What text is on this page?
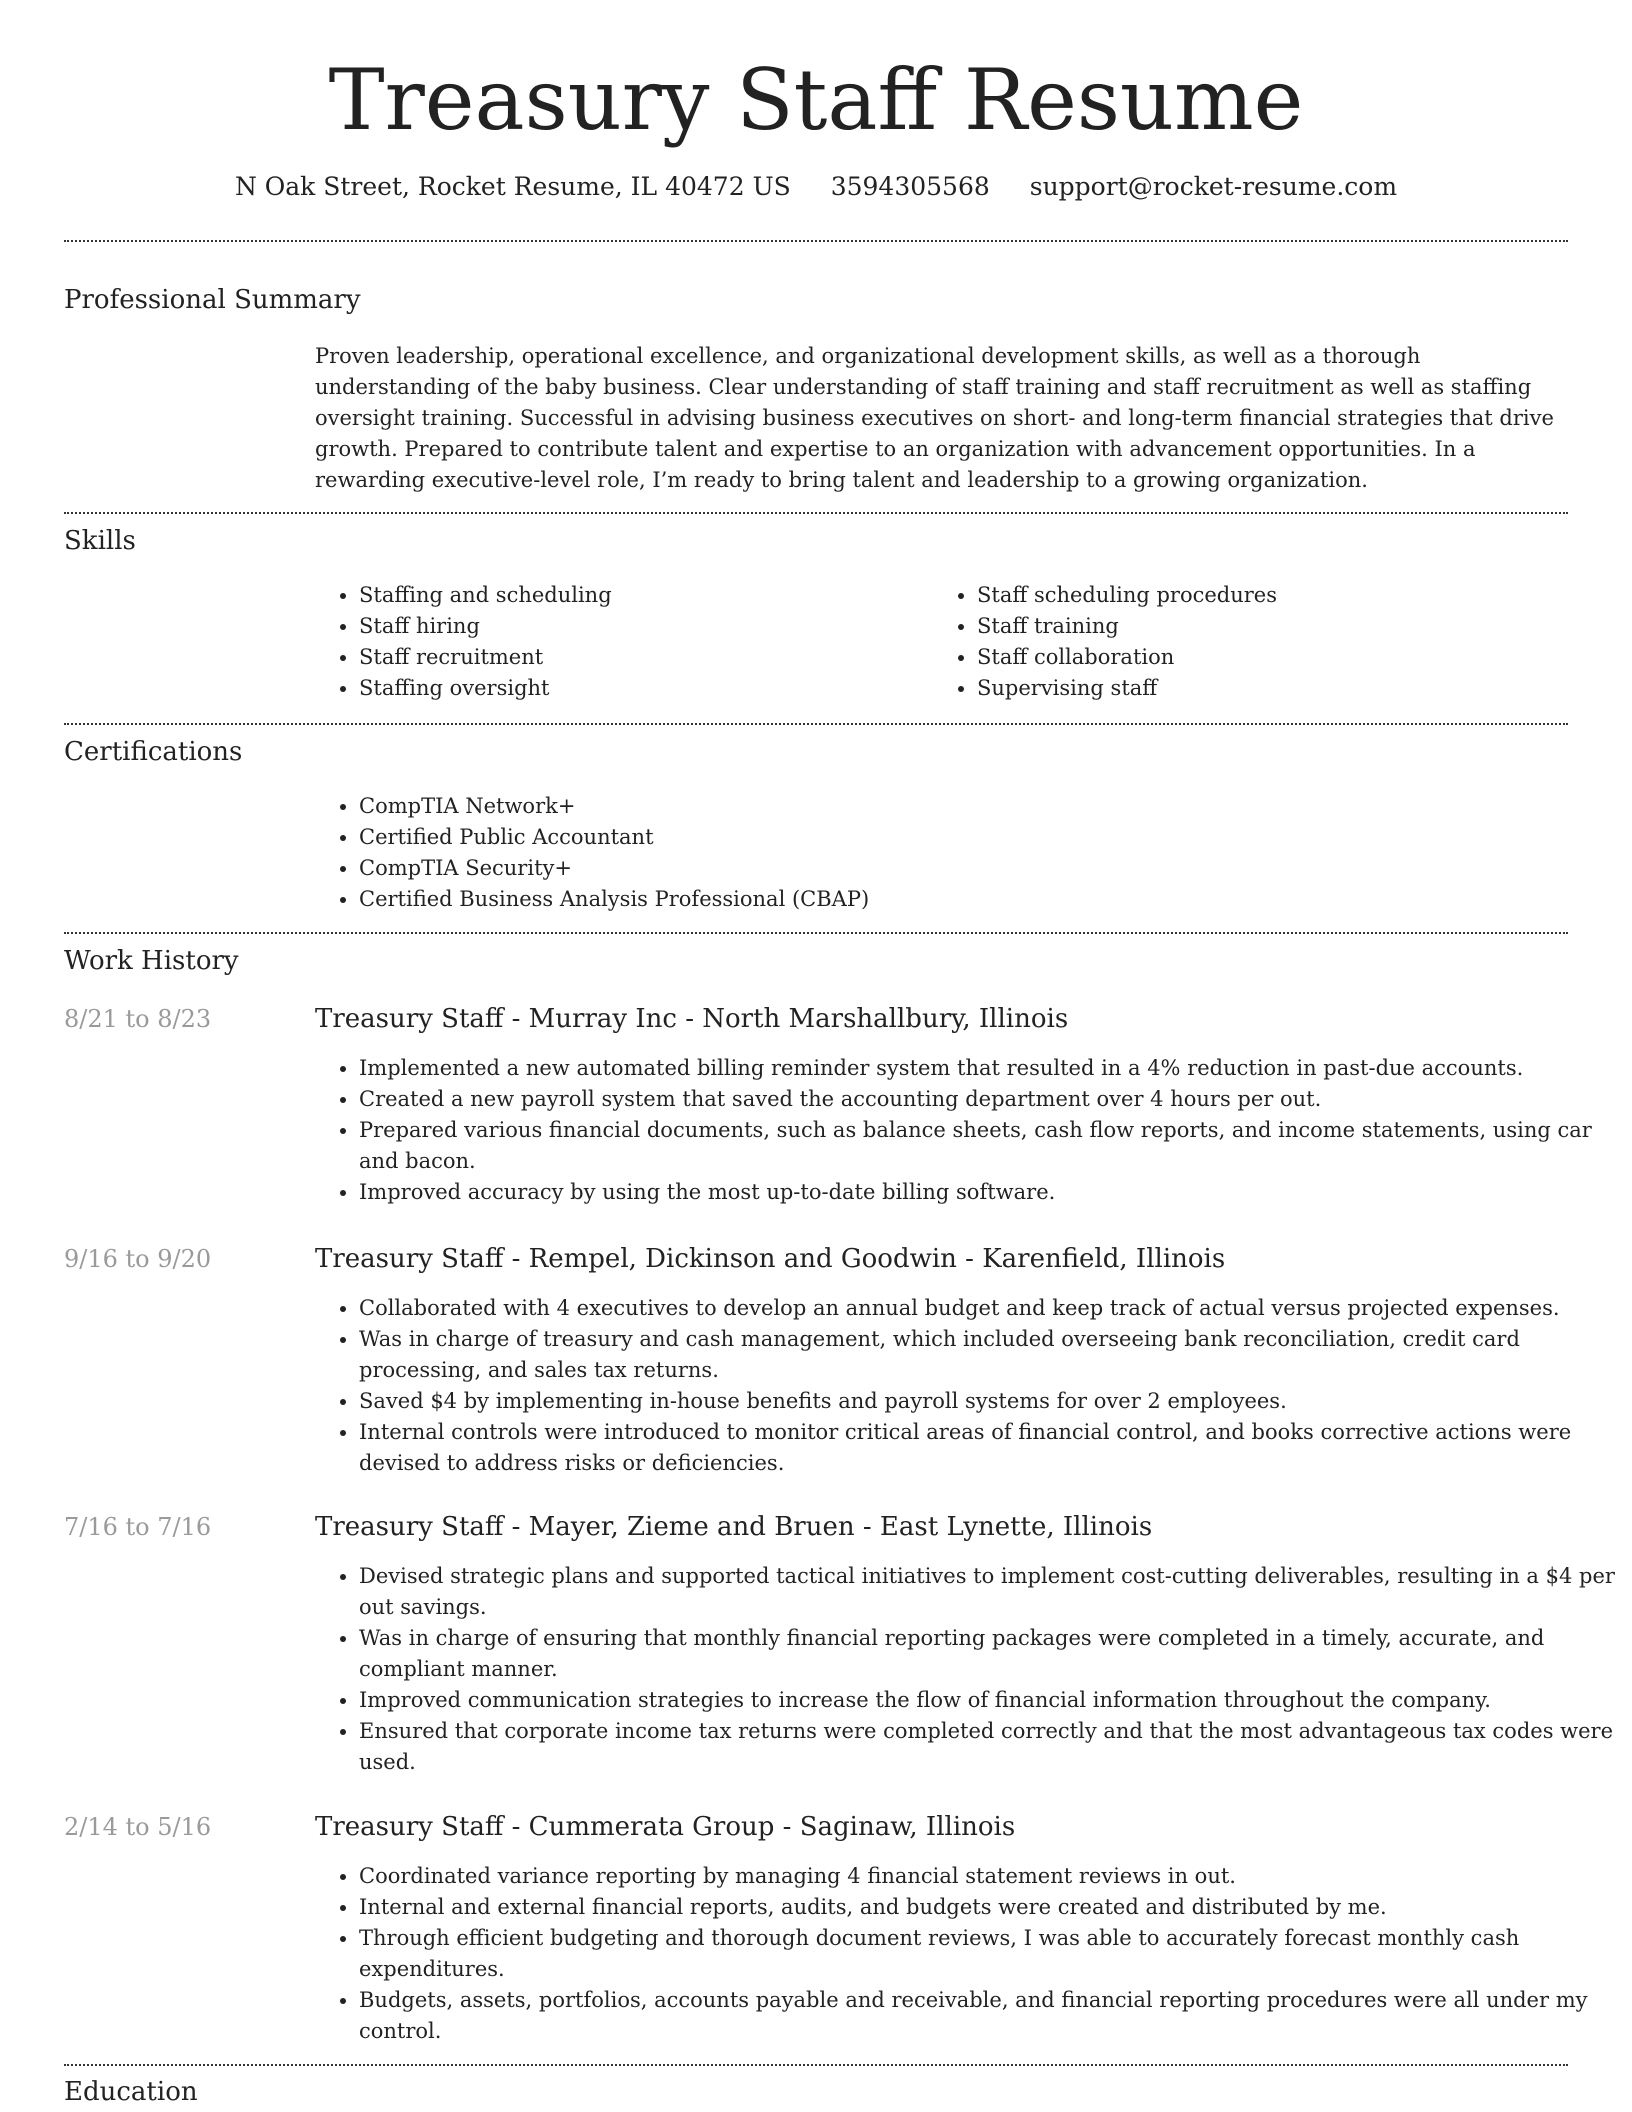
Treasury Staff Resume
N Oak Street, Rocket Resume, IL 40472 US 3594305568 support@rocket-resume.com
Professional Summary

Proven leadership, operational excellence, and organizational development skills, as well as a thorough understanding of the baby business. Clear understanding of staff training and staff recruitment as well as staffing oversight training. Successful in advising business executives on short- and long-term financial strategies that drive growth. Prepared to contribute talent and expertise to an organization with advancement opportunities. In a rewarding executive-level role, I’m ready to bring talent and leadership to a growing organization.

Skills
• Staffing and scheduling
• Staff hiring
• Staff recruitment
• Staffing oversight
• Staff scheduling procedures
• Staff training
• Staff collaboration
• Supervising staff
Certifications
• CompTIA Network+
• Certified Public Accountant
• CompTIA Security+
• Certified Business Analysis Professional (CBAP)
Work History
8/21 to 8/23	Treasury Staff - Murray Inc - North Marshallbury, Illinois
• Implemented a new automated billing reminder system that resulted in a 4% reduction in past-due accounts.
• Created a new payroll system that saved the accounting department over 4 hours per out.
• Prepared various financial documents, such as balance sheets, cash flow reports, and income statements, using car and bacon.
• Improved accuracy by using the most up-to-date billing software.
9/16 to 9/20	Treasury Staff - Rempel, Dickinson and Goodwin - Karenfield, Illinois
• Collaborated with 4 executives to develop an annual budget and keep track of actual versus projected expenses.
• Was in charge of treasury and cash management, which included overseeing bank reconciliation, credit card processing, and sales tax returns.
• Saved $4 by implementing in-house benefits and payroll systems for over 2 employees.
• Internal controls were introduced to monitor critical areas of financial control, and books corrective actions were devised to address risks or deficiencies.
7/16 to 7/16	Treasury Staff - Mayer, Zieme and Bruen - East Lynette, Illinois
• Devised strategic plans and supported tactical initiatives to implement cost-cutting deliverables, resulting in a $4 per out savings.
• Was in charge of ensuring that monthly financial reporting packages were completed in a timely, accurate, and compliant manner.
• Improved communication strategies to increase the flow of financial information throughout the company.
• Ensured that corporate income tax returns were completed correctly and that the most advantageous tax codes were used.
2/14 to 5/16	Treasury Staff - Cummerata Group - Saginaw, Illinois
• Coordinated variance reporting by managing 4 financial statement reviews in out.
• Internal and external financial reports, audits, and budgets were created and distributed by me.
• Through efficient budgeting and thorough document reviews, I was able to accurately forecast monthly cash expenditures.
• Budgets, assets, portfolios, accounts payable and receivable, and financial reporting procedures were all under my control.
Education
